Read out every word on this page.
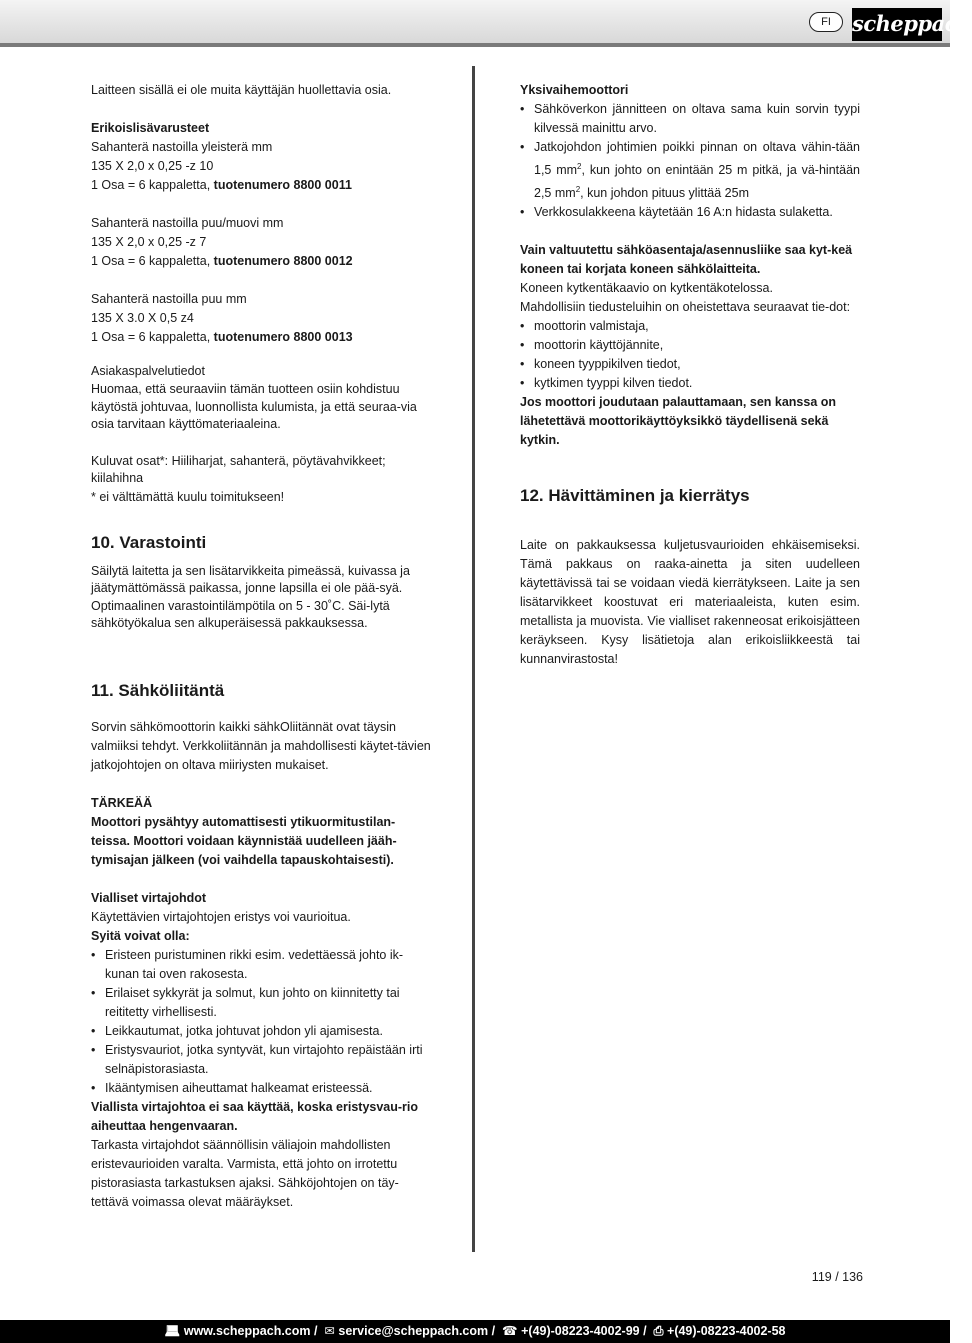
FI	scheppach

Laitteen sisällä ei ole muita käyttäjän huollettavia osia.

Erikoislisävarusteet

Sahanterä nastoilla yleisterä mm

135 X 2,0 x 0,25 -z 10

1 Osa = 6 kappaletta, tuotenumero 8800 0011

Sahanterä nastoilla puu/muovi mm

135 X 2,0 x 0,25 -z 7

1 Osa = 6 kappaletta, tuotenumero 8800 0012

Sahanterä nastoilla puu mm

135 X 3.0 X 0,5 z4

1 Osa = 6 kappaletta, tuotenumero 8800 0013

Asiakaspalvelutiedot

Huomaa, että seuraaviin tämän tuotteen osiin kohdistuu käytöstä johtuvaa, luonnollista kulumista, ja että seuraa-via osia tarvitaan käyttömateriaaleina.

Kuluvat osat*: Hiiliharjat, sahanterä, pöytävahvikkeet; kiilahihna

* ei välttämättä kuulu toimitukseen!

10. Varastointi

Säilytä laitetta ja sen lisätarvikkeita pimeässä, kuivassa ja jäätymättömässä paikassa, jonne lapsilla ei ole pää-syä. Optimaalinen varastointilämpötila on 5 - 30˚C. Säi-lytä sähkötyökalua sen alkuperäisessä pakkauksessa.

11. Sähköliitäntä

Sorvin sähkömoottorin kaikki sähkOliitännät ovat täysin valmiiksi tehdyt. Verkkoliitännän ja mahdollisesti käytet-tävien jatkojohtojen on oltava miiriysten mukaiset.

TÄRKEÄÄ

Moottori pysähtyy automattisesti ytikuormitustilan-teissa. Moottori voidaan käynnistää uudelleen jääh-tymisajan jälkeen (voi vaihdella tapauskohtaisesti).

Vialliset virtajohdot

Käytettävien virtajohtojen eristys voi vaurioitua.

Syitä voivat olla:

• Eristeen puristuminen rikki esim. vedettäessä johto ik-kunan tai oven rakosesta.
• Erilaiset sykkyrät ja solmut, kun johto on kiinnitetty tai reititetty virhellisesti.
• Leikkautumat, jotka johtuvat johdon yli ajamisesta.
• Eristysvauriot, jotka syntyvät, kun virtajohto repäistään irti selnäpistorasiasta.
• Ikääntymisen aiheuttamat halkeamat eristeessä.

Viallista virtajohtoa ei saa käyttää, koska eristysvau-rio aiheuttaa hengenvaaran.

Tarkasta virtajohdot säännöllisin väliajoin mahdollisten eristevaurioiden varalta. Varmista, että johto on irrotettu pistorasiasta tarkastuksen ajaksi. Sähköjohtojen on täy-tettävä voimassa olevat määräykset.

Yksivaihemoottori

• Sähköverkon jännitteen on oltava sama kuin sorvin tyypi kilvessä mainittu arvo.
• Jatkojohdon johtimien poikki pinnan on oltava vähin-tään 1,5 $mm^2$, kun johto on enintään 25 m pitkä, ja vä-hintään 2,5 $mm^2$, kun johdon pituus ylittää 25m
• Verkkosulakkeena käytetään 16 A:n hidasta sulaketta.

Vain valtuutettu sähköasentaja/asennusliike saa kyt-keä koneen tai korjata koneen sähkölaitteita.

Koneen kytkentäkaavio on kytkentäkotelossa.

Mahdollisiin tiedusteluihin on oheistettava seuraavat tie-dot:

• moottorin valmistaja,
• moottorin käyttöjännite,
• koneen tyyppikilven tiedot,
• kytkimen tyyppi kilven tiedot.

Jos moottori joudutaan palauttamaan, sen kanssa on lähetettävä moottorikäyttöyksikkö täydellisenä sekä kytkin.

12. Hävittäminen ja kierrätys

Laite on pakkauksessa kuljetusvaurioiden ehkäisemiseksi. Tämä pakkaus on raaka-ainetta ja siten uudelleen käytettävissä tai se voidaan viedä kierrätykseen. Laite ja sen lisätarvikkeet koostuvat eri materiaaleista, kuten esim. metallista ja muovista. Vie vialliset rakenneosat erikoisjätteen keräykseen. Kysy lisätietoja alan erikoisliikkeestä tai kunnanvirastosta!

119 / 136
💻︎ www.scheppach.com /  ✉ service@scheppach.com /  ☎ +(49)-08223-4002-99 /  ⎙ +(49)-08223-4002-58
